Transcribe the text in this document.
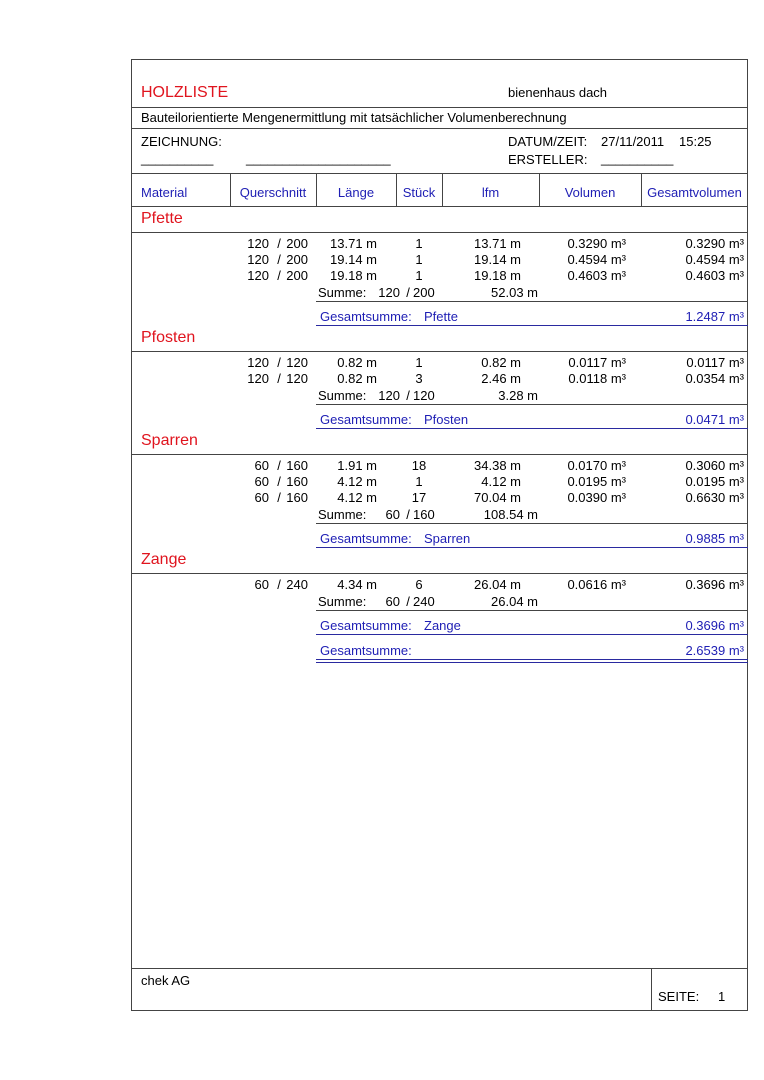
HOLZLISTE	bienenhaus dach
Bauteilorientierte Mengenermittlung mit tatsächlicher Volumenberechnung
ZEICHNUNG:	DATUM/ZEIT: 27/11/2011 15:25
__________	____________________	ERSTELLER: __________
Material	Querschnitt	Länge	Stück	lfm	Volumen	Gesamtvolumen
Pfette
120 / 200	13.71 m	1	13.71 m	0.3290 m³	0.3290 m³
120 / 200	19.14 m	1	19.14 m	0.4594 m³	0.4594 m³
120 / 200	19.18 m	1	19.18 m	0.4603 m³	0.4603 m³
Summe: 120 / 200	52.03 m
Gesamtsumme: Pfette	1.2487 m³
Pfosten
120 / 120	0.82 m	1	0.82 m	0.0117 m³	0.0117 m³
120 / 120	0.82 m	3	2.46 m	0.0118 m³	0.0354 m³
Summe: 120 / 120	3.28 m
Gesamtsumme: Pfosten	0.0471 m³
Sparren
60 / 160	1.91 m	18	34.38 m	0.0170 m³	0.3060 m³
60 / 160	4.12 m	1	4.12 m	0.0195 m³	0.0195 m³
60 / 160	4.12 m	17	70.04 m	0.0390 m³	0.6630 m³
Summe:	60 / 160	108.54 m
Gesamtsumme: Sparren	0.9885 m³
Zange
60 / 240	4.34 m	6	26.04 m	0.0616 m³	0.3696 m³
Summe:	60 / 240	26.04 m
Gesamtsumme: Zange	0.3696 m³
Gesamtsumme:	2.6539 m³
chek AG
SEITE: 1
